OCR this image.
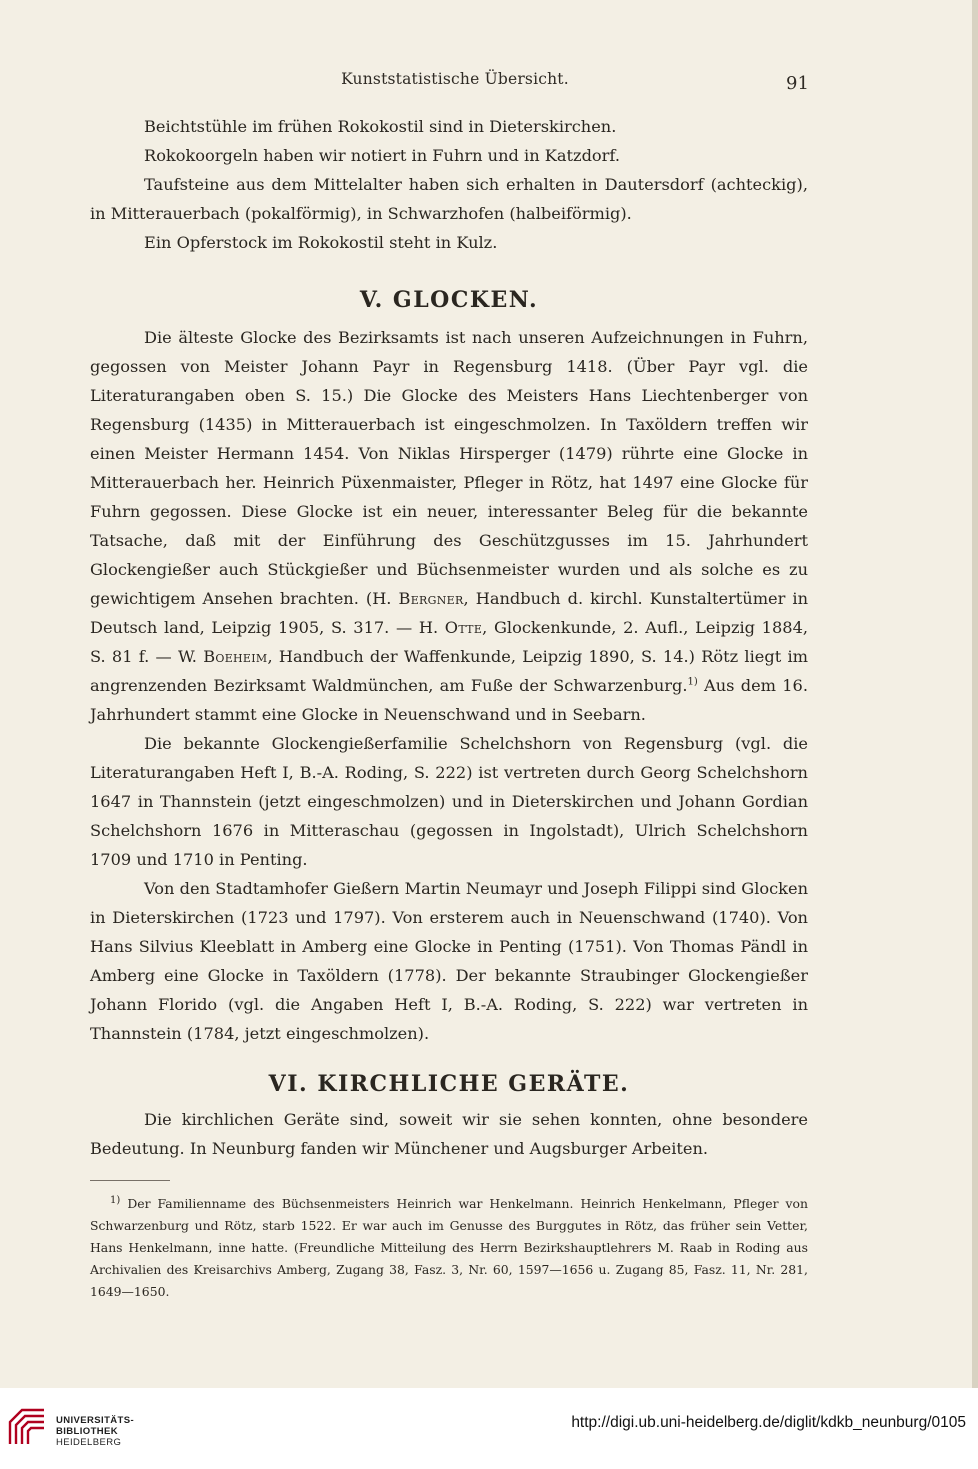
Kunststatistische Übersicht.	91

Beichtstühle im frühen Rokokostil sind in Dieterskirchen.

Rokokoorgeln haben wir notiert in Fuhrn und in Katzdorf.

Taufsteine aus dem Mittelalter haben sich erhalten in Dautersdorf (achteckig), in Mitterauerbach (pokalförmig), in Schwarzhofen (halbeiförmig).

Ein Opferstock im Rokokostil steht in Kulz.

V. GLOCKEN.

Die älteste Glocke des Bezirksamts ist nach unseren Aufzeichnungen in Fuhrn, gegossen von Meister Johann Payr in Regensburg 1418. (Über Payr vgl. die Literaturangaben oben S. 15.) Die Glocke des Meisters Hans Liechtenberger von Regensburg (1435) in Mitterauerbach ist eingeschmolzen. In Taxöldern treffen wir einen Meister Hermann 1454. Von Niklas Hirsperger (1479) rührte eine Glocke in Mitterauerbach her. Heinrich Püxenmaister, Pfleger in Rötz, hat 1497 eine Glocke für Fuhrn gegossen. Diese Glocke ist ein neuer, interessanter Beleg für die bekannte Tatsache, daß mit der Einführung des Geschützgusses im 15. Jahrhundert Glockengießer auch Stückgießer und Büchsenmeister wurden und als solche es zu gewichtigem Ansehen brachten. (H. Bergner, Handbuch d. kirchl. Kunstaltertümer in Deutsch land, Leipzig 1905, S. 317. — H. Otte, Glockenkunde, 2. Aufl., Leipzig 1884, S. 81 f. — W. Boeheim, Handbuch der Waffenkunde, Leipzig 1890, S. 14.) Rötz liegt im angrenzenden Bezirksamt Waldmünchen, am Fuße der Schwarzenburg.$^{1)}$ Aus dem 16. Jahrhundert stammt eine Glocke in Neuenschwand und in Seebarn.

Die bekannte Glockengießerfamilie Schelchshorn von Regensburg (vgl. die Literaturangaben Heft I, B.-A. Roding, S. 222) ist vertreten durch Georg Schelchshorn 1647 in Thannstein (jetzt eingeschmolzen) und in Dieterskirchen und Johann Gordian Schelchshorn 1676 in Mitteraschau (gegossen in Ingolstadt), Ulrich Schelchshorn 1709 und 1710 in Penting.

Von den Stadtamhofer Gießern Martin Neumayr und Joseph Filippi sind Glocken in Dieterskirchen (1723 und 1797). Von ersterem auch in Neuenschwand (1740). Von Hans Silvius Kleeblatt in Amberg eine Glocke in Penting (1751). Von Thomas Pändl in Amberg eine Glocke in Taxöldern (1778). Der bekannte Straubinger Glockengießer Johann Florido (vgl. die Angaben Heft I, B.-A. Roding, S. 222) war vertreten in Thannstein (1784, jetzt eingeschmolzen).

VI. KIRCHLICHE GERÄTE.

Die kirchlichen Geräte sind, soweit wir sie sehen konnten, ohne besondere Bedeutung. In Neunburg fanden wir Münchener und Augsburger Arbeiten.

$^{1)}$ Der Familienname des Büchsenmeisters Heinrich war Henkelmann. Heinrich Henkelmann, Pfleger von Schwarzenburg und Rötz, starb 1522. Er war auch im Genusse des Burggutes in Rötz, das früher sein Vetter, Hans Henkelmann, inne hatte. (Freundliche Mitteilung des Herrn Bezirkshauptlehrers M. Raab in Roding aus Archivalien des Kreisarchivs Amberg, Zugang 38, Fasz. 3, Nr. 60, 1597—1656 u. Zugang 85, Fasz. 11, Nr. 281, 1649—1650.

UNIVERSITÄTS-
BIBLIOTHEK
HEIDELBERG
http://digi.ub.uni-heidelberg.de/diglit/kdkb_neunburg/0105
